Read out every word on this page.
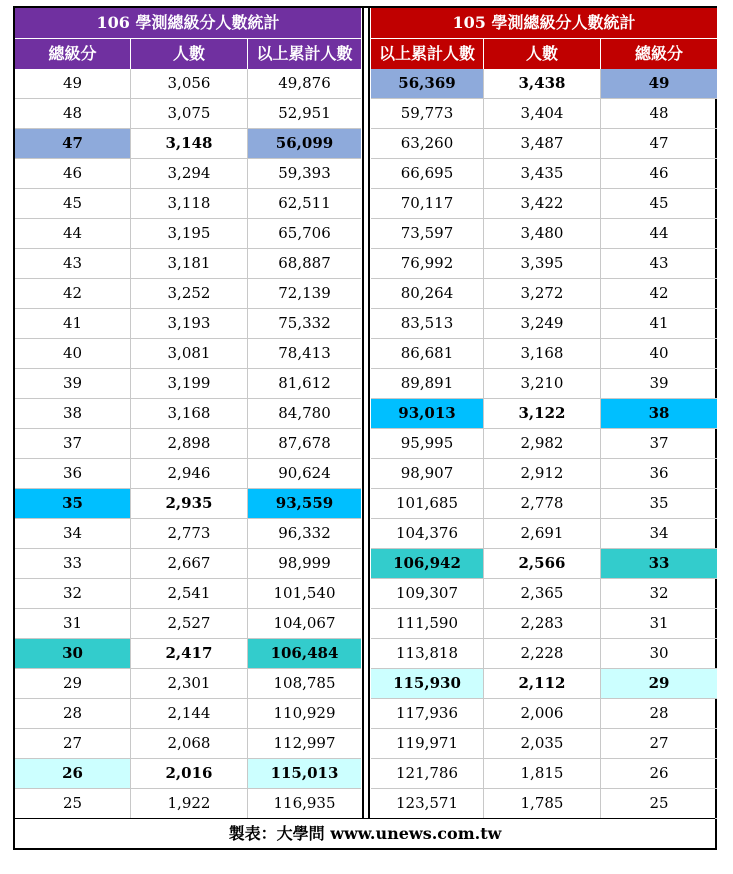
106 學測總級分人數統計
總級分	人數	以上累計人數
49	3,056	49,876
48	3,075	52,951
47	3,148	56,099
46	3,294	59,393
45	3,118	62,511
44	3,195	65,706
43	3,181	68,887
42	3,252	72,139
41	3,193	75,332
40	3,081	78,413
39	3,199	81,612
38	3,168	84,780
37	2,898	87,678
36	2,946	90,624
35	2,935	93,559
34	2,773	96,332
33	2,667	98,999
32	2,541	101,540
31	2,527	104,067
30	2,417	106,484
29	2,301	108,785
28	2,144	110,929
27	2,068	112,997
26	2,016	115,013
25	1,922	116,935
105 學測總級分人數統計
以上累計人數	人數	總級分
56,369	3,438	49
59,773	3,404	48
63,260	3,487	47
66,695	3,435	46
70,117	3,422	45
73,597	3,480	44
76,992	3,395	43
80,264	3,272	42
83,513	3,249	41
86,681	3,168	40
89,891	3,210	39
93,013	3,122	38
95,995	2,982	37
98,907	2,912	36
101,685	2,778	35
104,376	2,691	34
106,942	2,566	33
109,307	2,365	32
111,590	2,283	31
113,818	2,228	30
115,930	2,112	29
117,936	2,006	28
119,971	2,035	27
121,786	1,815	26
123,571	1,785	25
製表：大學問 www.unews.com.tw
